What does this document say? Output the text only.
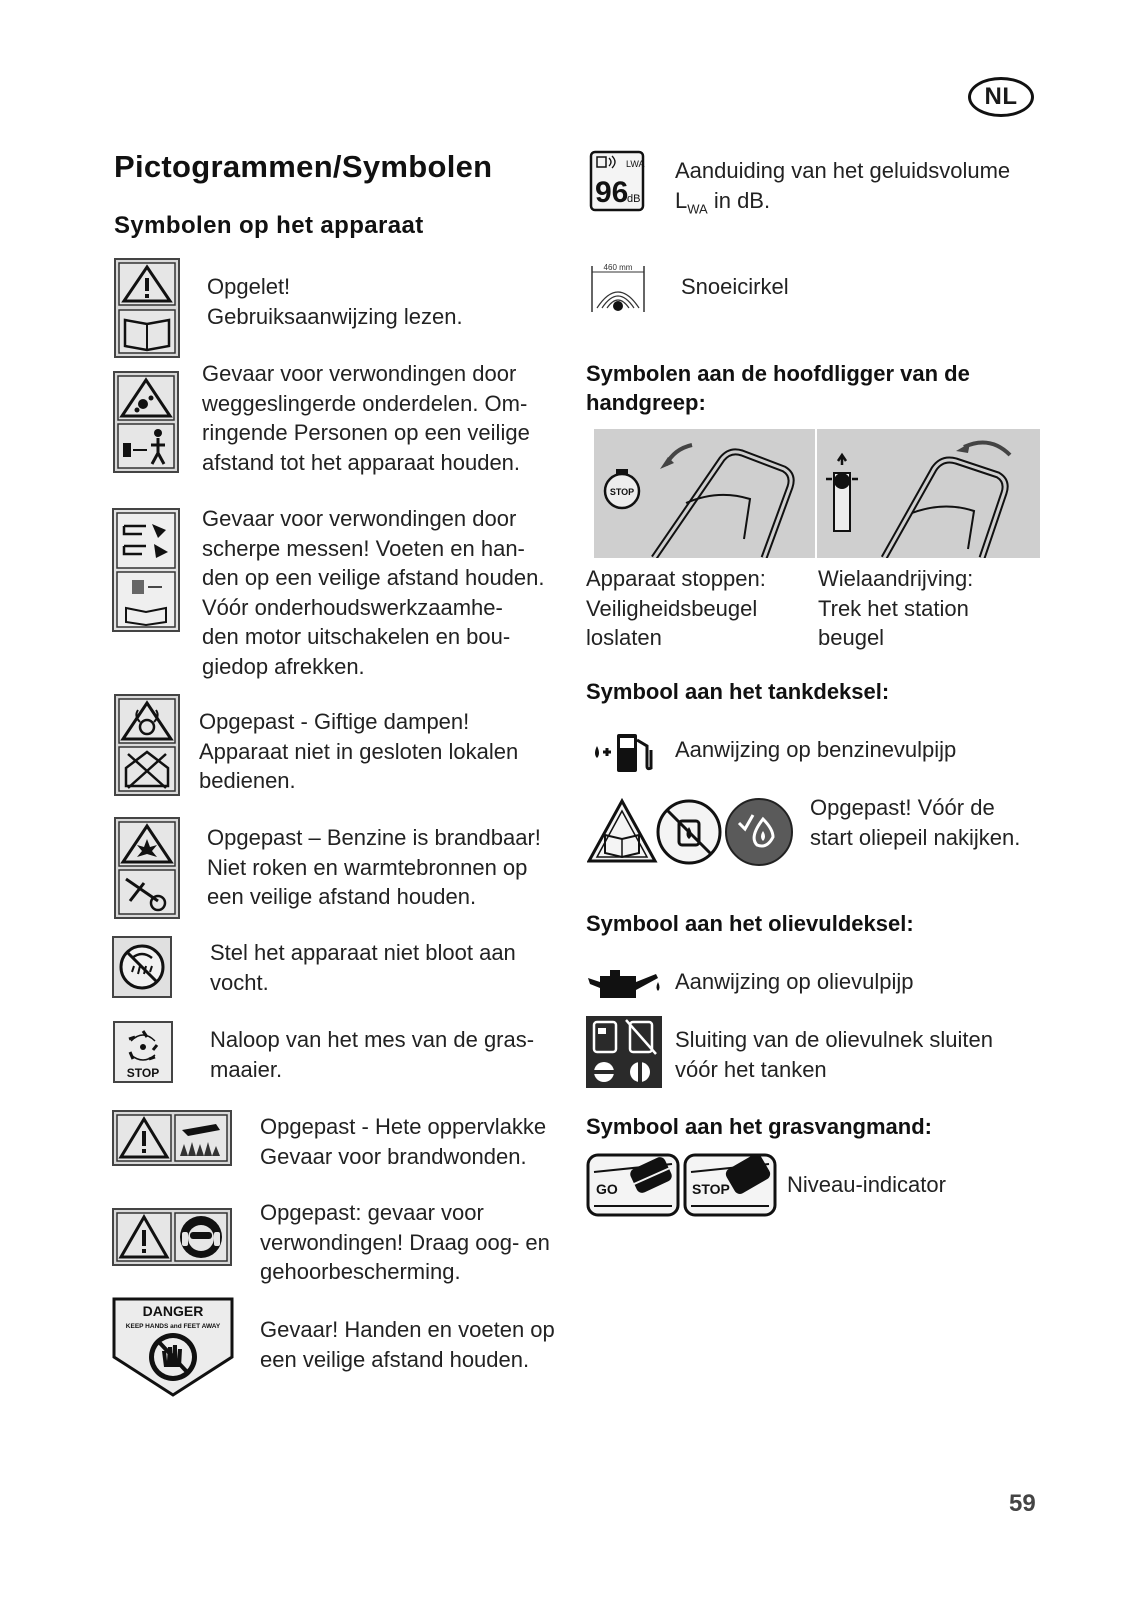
NL
Pictogrammen/Symbolen
Symbolen op het apparaat
Opgelet!
Gebruiksaanwijzing lezen.
Gevaar voor verwondingen door
weggeslingerde onderdelen. Om-
ringende Personen op een veilige
afstand tot het apparaat houden.
Gevaar voor verwondingen door
scherpe messen! Voeten en han-
den op een veilige afstand houden.
Vóór onderhoudswerkzaamhe-
den motor uitschakelen en bou-
giedop afrekken.
Opgepast - Giftige dampen!
Apparaat niet in gesloten lokalen
bedienen.
Opgepast – Benzine is brandbaar!
Niet roken en warmtebronnen op
een veilige afstand houden.
Stel het apparaat niet bloot aan
vocht.
STOP
Naloop van het mes van de gras-
maaier.
Opgepast - Hete oppervlakke
Gevaar voor brandwonden.
Opgepast: gevaar voor
verwondingen! Draag oog- en
gehoorbescherming.
DANGER
KEEP HANDS and FEET AWAY Gevaar! Handen en voeten op
een veilige afstand houden.
LWA
96
dB
Aanduiding van het geluidsvolume
$L_{WA}$ in dB.
460 mm
Snoeicirkel
Symbolen aan de hoofdligger van de
handgreep:
STOP
Apparaat stoppen:
Veiligheidsbeugel
loslaten
Wielaandrijving:
Trek het station
beugel
Symbool aan het tankdeksel:
Aanwijzing op benzinevulpijp
Opgepast! Vóór de
start oliepeil nakijken.
Symbool aan het olievuldeksel:
Aanwijzing op olievulpijp
Sluiting van de olievulnek sluiten
vóór het tanken
Symbool aan het grasvangmand:
GO	STOP	Niveau-indicator
59
